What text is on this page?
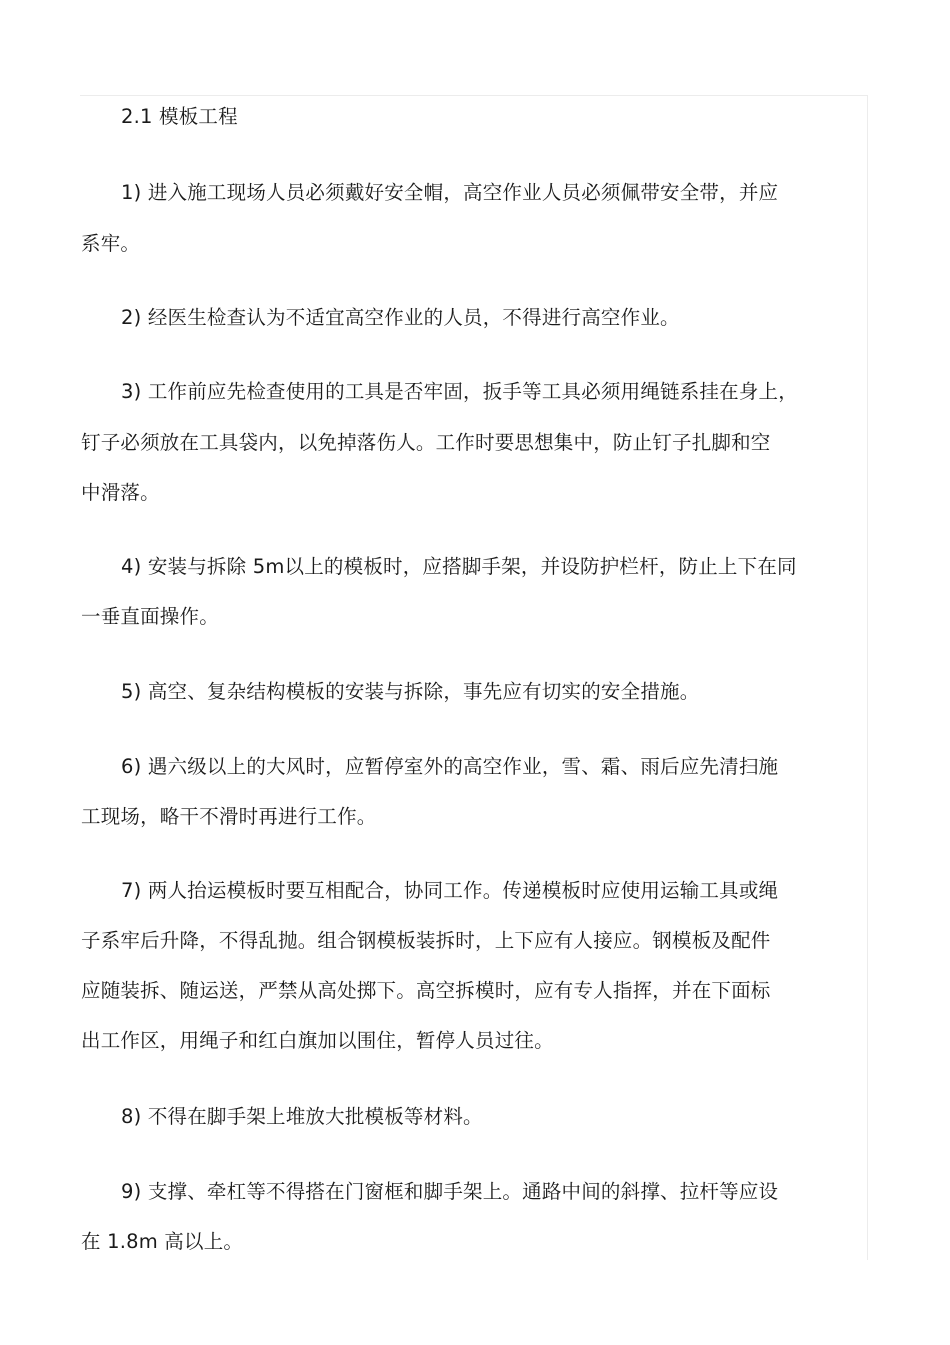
2.1 模板工程
1) 进入施工现场人员必须戴好安全帽，高空作业人员必须佩带安全带，并应
系牢。
2) 经医生检查认为不适宜高空作业的人员，不得进行高空作业。
3) 工作前应先检查使用的工具是否牢固，扳手等工具必须用绳链系挂在身上，
钉子必须放在工具袋内，以免掉落伤人。工作时要思想集中，防止钉子扎脚和空
中滑落。
4) 安装与拆除 5m以上的模板时，应搭脚手架，并设防护栏杆，防止上下在同
一垂直面操作。
5) 高空、复杂结构模板的安装与拆除，事先应有切实的安全措施。
6) 遇六级以上的大风时，应暂停室外的高空作业，雪、霜、雨后应先清扫施
工现场，略干不滑时再进行工作。
7) 两人抬运模板时要互相配合，协同工作。传递模板时应使用运输工具或绳
子系牢后升降，不得乱抛。组合钢模板装拆时，上下应有人接应。钢模板及配件
应随装拆、随运送，严禁从高处掷下。高空拆模时，应有专人指挥，并在下面标
出工作区，用绳子和红白旗加以围住，暂停人员过往。
8) 不得在脚手架上堆放大批模板等材料。
9) 支撑、牵杠等不得搭在门窗框和脚手架上。通路中间的斜撑、拉杆等应设
在 1.8m 高以上。
